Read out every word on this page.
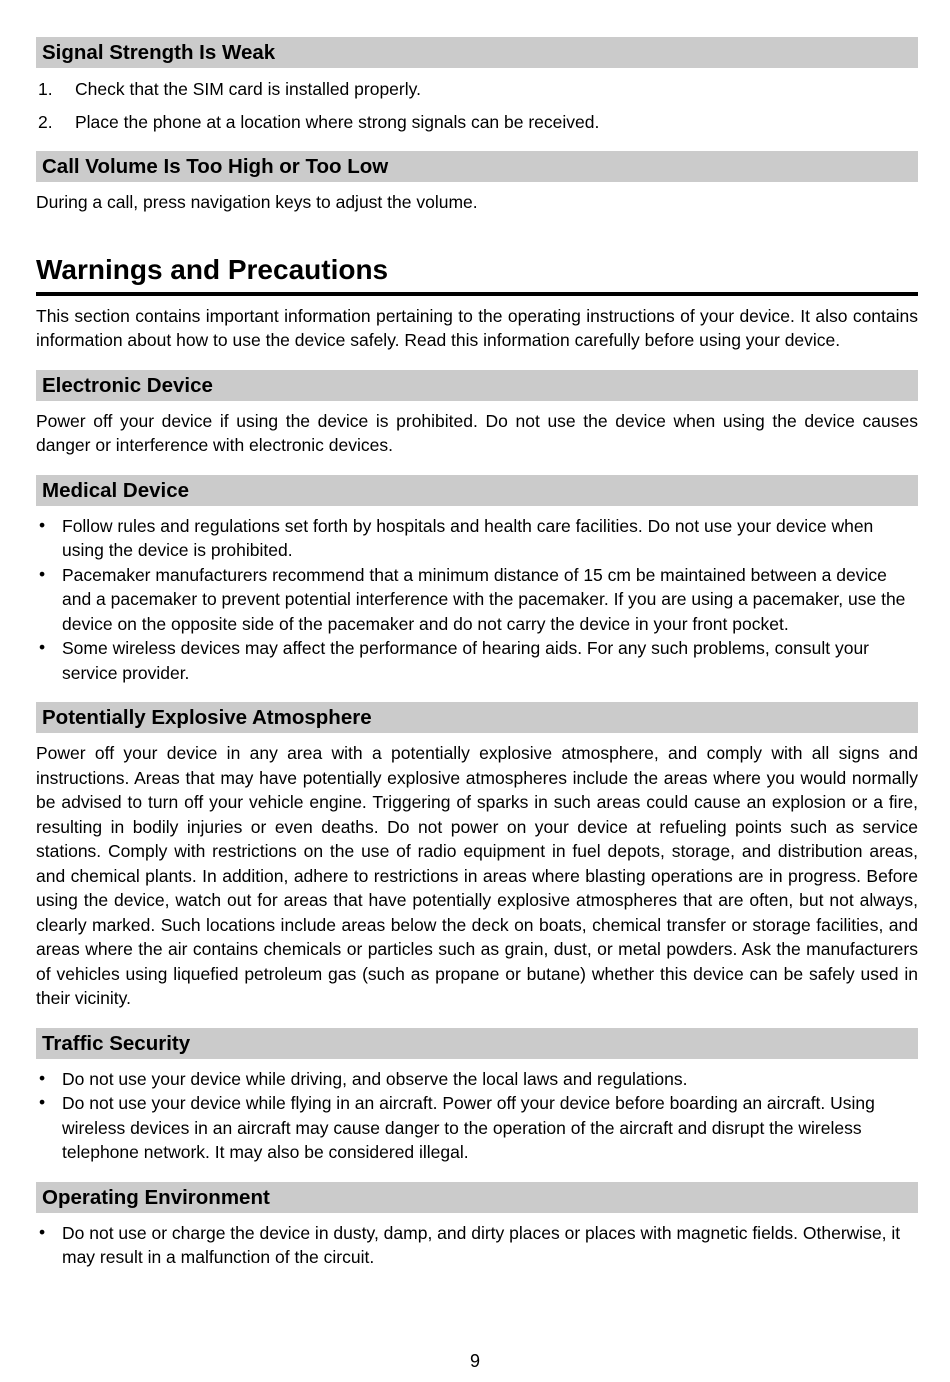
Signal Strength Is Weak
1. Check that the SIM card is installed properly.
2. Place the phone at a location where strong signals can be received.
Call Volume Is Too High or Too Low

During a call, press navigation keys to adjust the volume.

Warnings and Precautions

This section contains important information pertaining to the operating instructions of your device. It also contains information about how to use the device safely. Read this information carefully before using your device.

Electronic Device

Power off your device if using the device is prohibited. Do not use the device when using the device causes danger or interference with electronic devices.

Medical Device
• Follow rules and regulations set forth by hospitals and health care facilities. Do not use your device when using the device is prohibited.
• Pacemaker manufacturers recommend that a minimum distance of 15 cm be maintained between a device and a pacemaker to prevent potential interference with the pacemaker. If you are using a pacemaker, use the device on the opposite side of the pacemaker and do not carry the device in your front pocket.
• Some wireless devices may affect the performance of hearing aids. For any such problems, consult your service provider.
Potentially Explosive Atmosphere

Power off your device in any area with a potentially explosive atmosphere, and comply with all signs and instructions. Areas that may have potentially explosive atmospheres include the areas where you would normally be advised to turn off your vehicle engine. Triggering of sparks in such areas could cause an explosion or a fire, resulting in bodily injuries or even deaths. Do not power on your device at refueling points such as service stations. Comply with restrictions on the use of radio equipment in fuel depots, storage, and distribution areas, and chemical plants. In addition, adhere to restrictions in areas where blasting operations are in progress. Before using the device, watch out for areas that have potentially explosive atmospheres that are often, but not always, clearly marked. Such locations include areas below the deck on boats, chemical transfer or storage facilities, and areas where the air contains chemicals or particles such as grain, dust, or metal powders. Ask the manufacturers of vehicles using liquefied petroleum gas (such as propane or butane) whether this device can be safely used in their vicinity.

Traffic Security
• Do not use your device while driving, and observe the local laws and regulations.
• Do not use your device while flying in an aircraft. Power off your device before boarding an aircraft. Using wireless devices in an aircraft may cause danger to the operation of the aircraft and disrupt the wireless telephone network. It may also be considered illegal.
Operating Environment
• Do not use or charge the device in dusty, damp, and dirty places or places with magnetic fields. Otherwise, it may result in a malfunction of the circuit.
9
